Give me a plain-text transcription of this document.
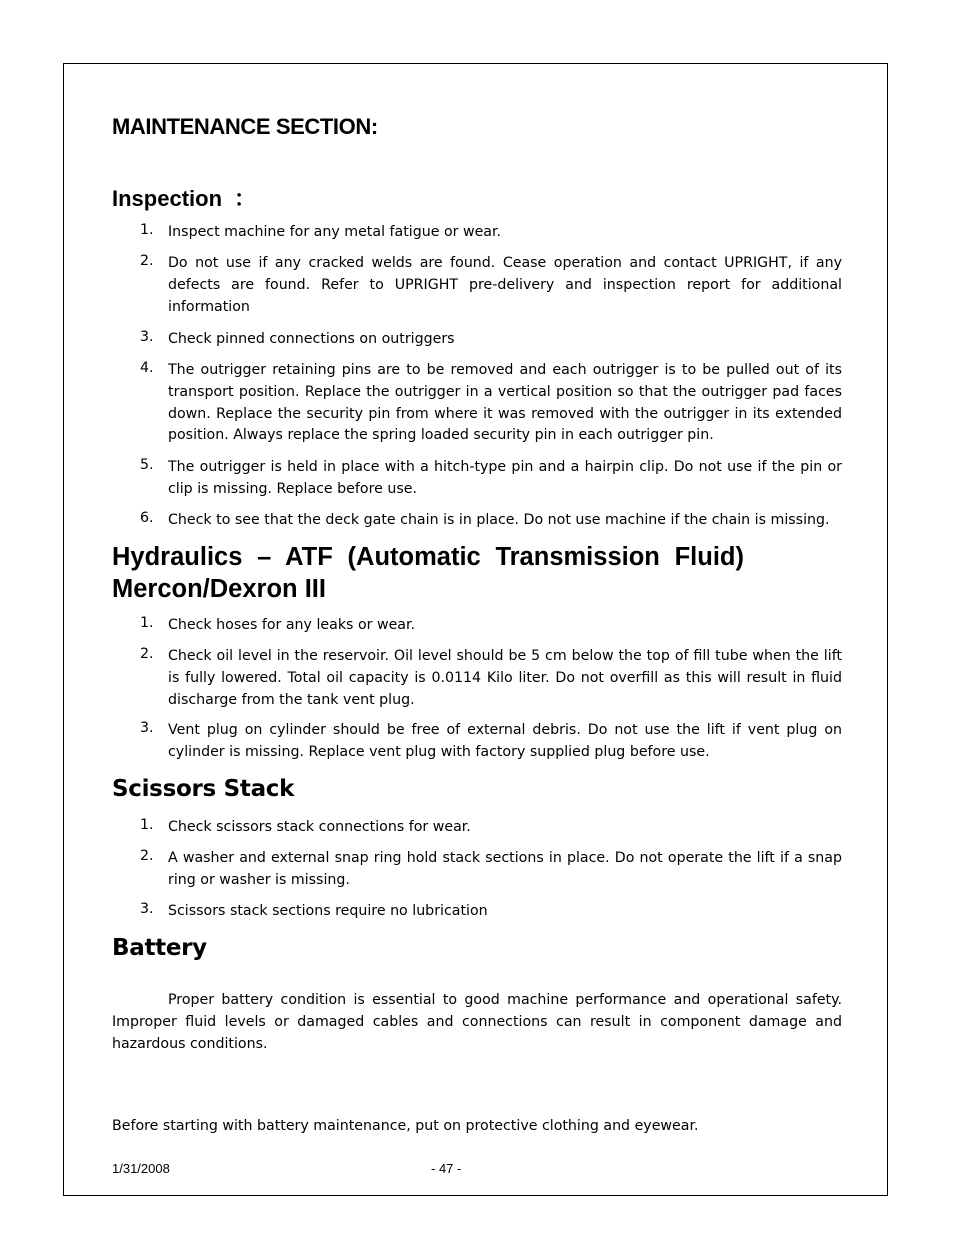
MAINTENANCE SECTION:
Inspection ：
1.	Inspect machine for any metal fatigue or wear.
2.	Do not use if any cracked welds are found. Cease operation and contact UPRIGHT, if any defects are found. Refer to UPRIGHT pre-delivery and inspection report for additional information
3.	Check pinned connections on outriggers
4.	The outrigger retaining pins are to be removed and each outrigger is to be pulled out of its transport position. Replace the outrigger in a vertical position so that the outrigger pad faces down. Replace the security pin from where it was removed with the outrigger in its extended position. Always replace the spring loaded security pin in each outrigger pin.
5.	The outrigger is held in place with a hitch-type pin and a hairpin clip. Do not use if the pin or clip is missing. Replace before use.
6.	Check to see that the deck gate chain is in place. Do not use machine if the chain is missing.
Hydraulics – ATF (Automatic Transmission Fluid) Mercon/Dexron III
1.	Check hoses for any leaks or wear.
2.	Check oil level in the reservoir. Oil level should be 5 cm below the top of fill tube when the lift is fully lowered. Total oil capacity is 0.0114 Kilo liter. Do not overfill as this will result in fluid discharge from the tank vent plug.
3.	Vent plug on cylinder should be free of external debris. Do not use the lift if vent plug on cylinder is missing. Replace vent plug with factory supplied plug before use.
Scissors Stack
1.	Check scissors stack connections for wear.
2.	A washer and external snap ring hold stack sections in place. Do not operate the lift if a snap ring or washer is missing.
3.	Scissors stack sections require no lubrication
Battery

Proper battery condition is essential to good machine performance and operational safety. Improper fluid levels or damaged cables and connections can result in component damage and hazardous conditions.

Before starting with battery maintenance, put on protective clothing and eyewear.

1/31/2008	- 47 -
